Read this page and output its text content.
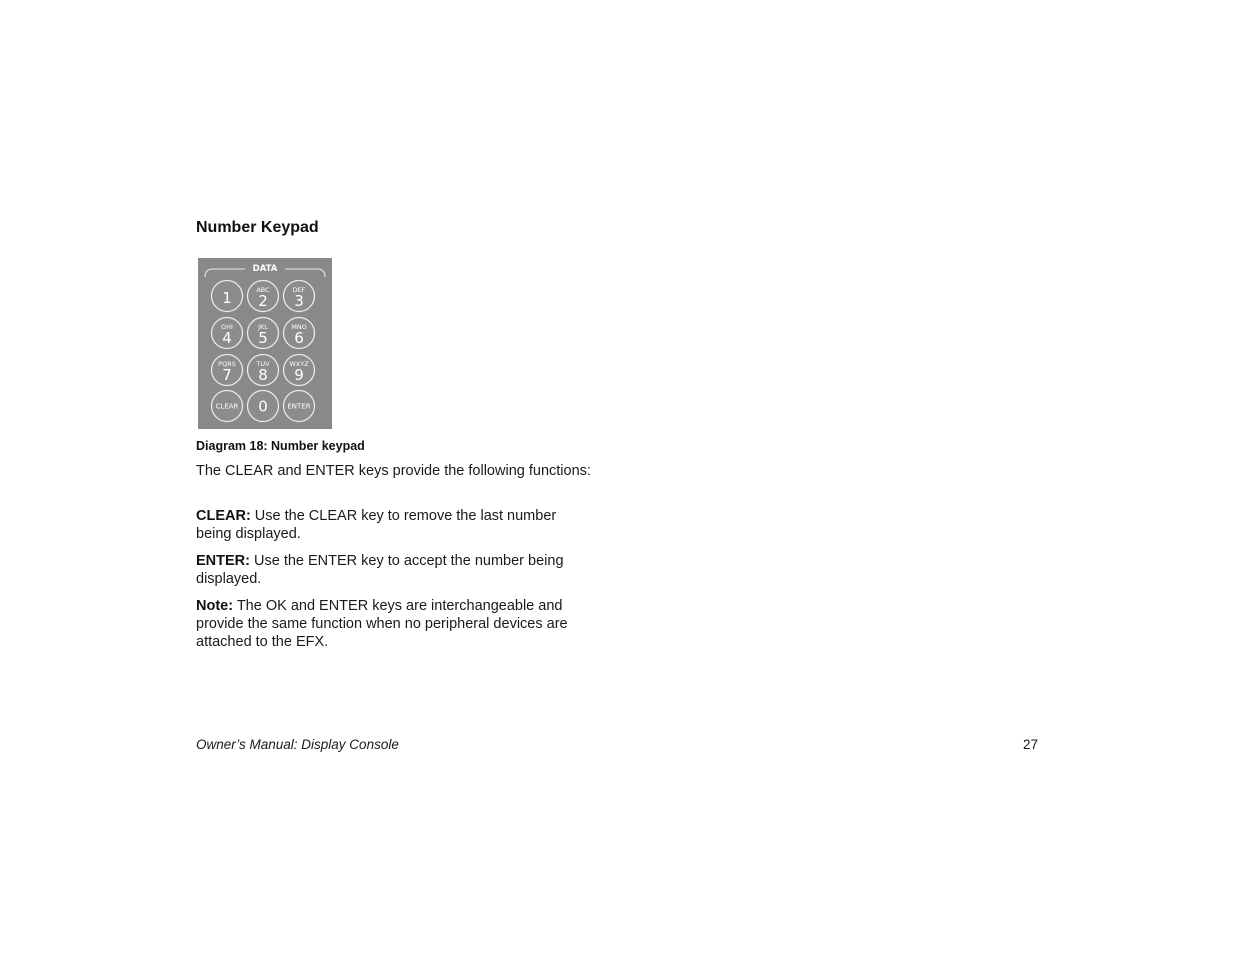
Number Keypad
DATA
1	ABC
2
DEF
3
GHI
4
JKL
5
MNO
6
PQRS
7
TUV
8
WXYZ
9
CLEAR 0	ENTER

Diagram 18: Number keypad

The CLEAR and ENTER keys provide the following functions:

CLEAR: Use the CLEAR key to remove the last number being displayed.

ENTER: Use the ENTER key to accept the number being displayed.

Note: The OK and ENTER keys are interchangeable and provide the same function when no peripheral devices are attached to the EFX.

Owner’s Manual: Display Console	27
